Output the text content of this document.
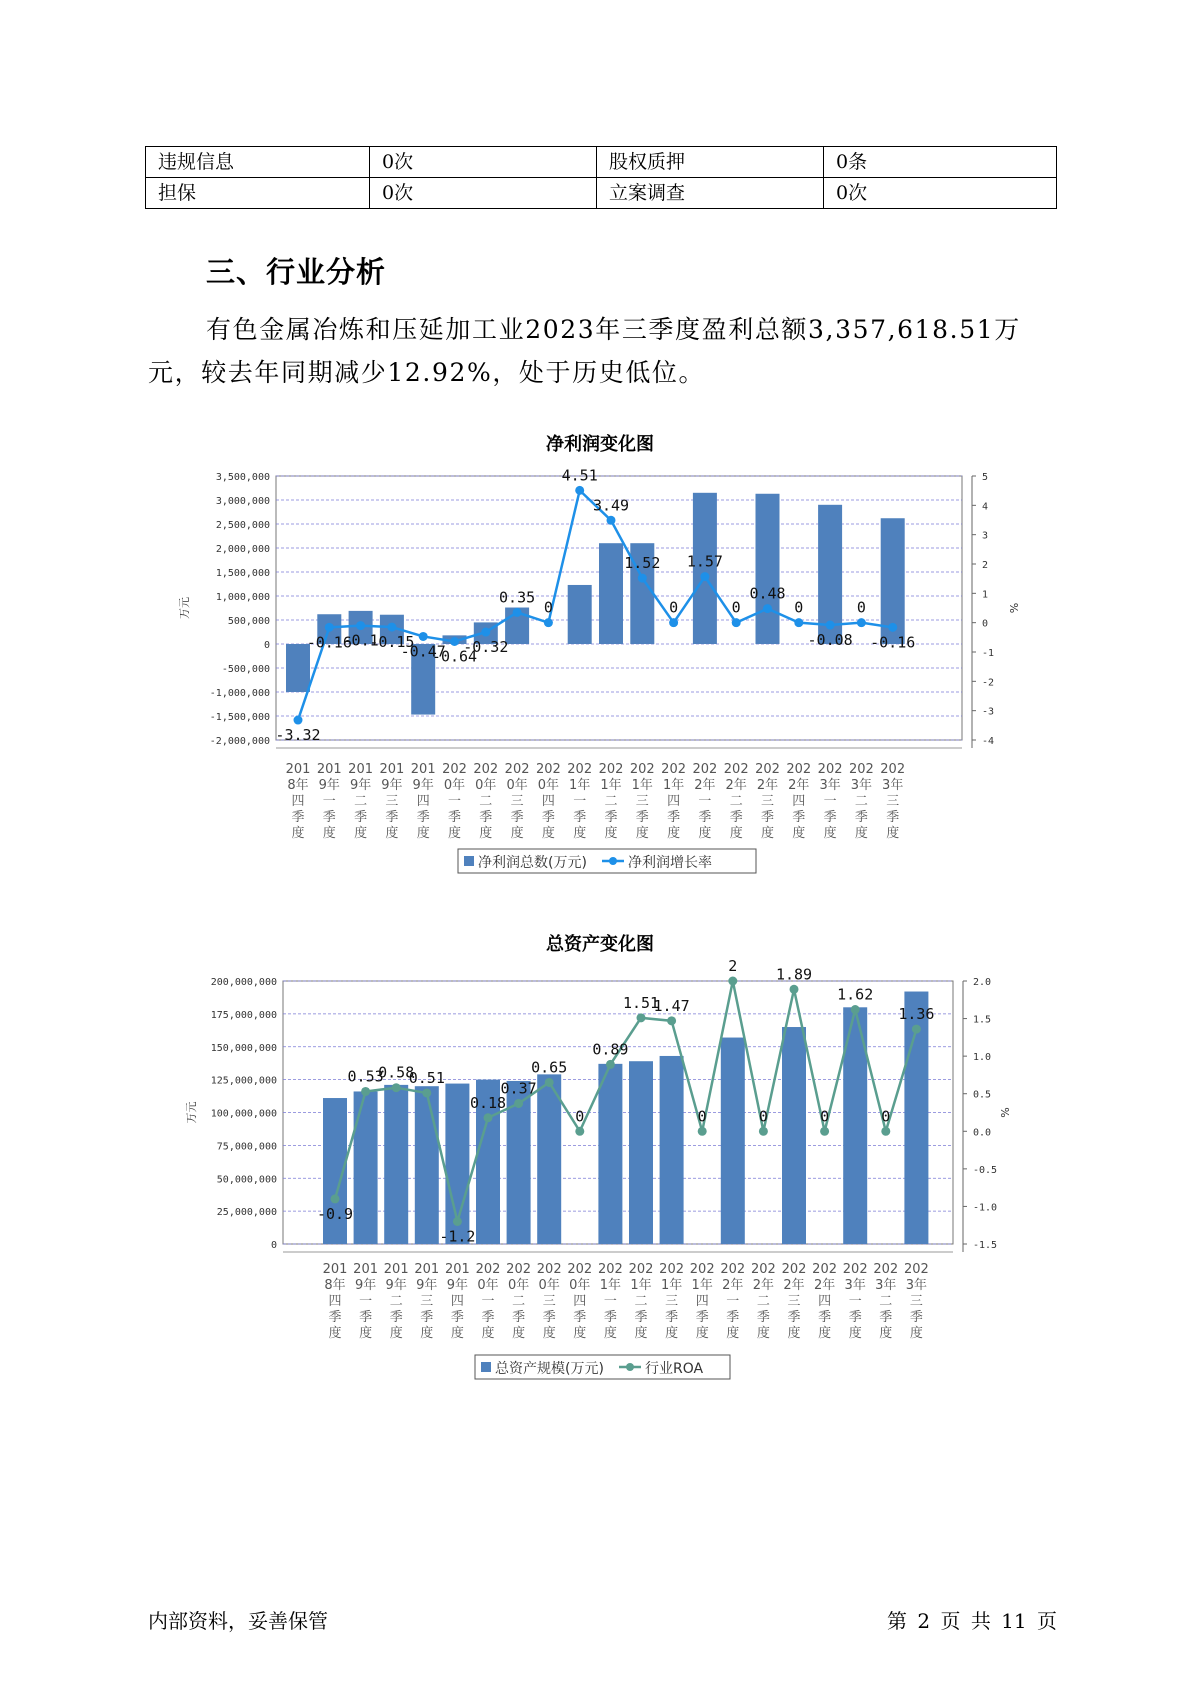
违规信息	0次	股权质押	0条
担保	0次	立案调查	0次
三、行业分析

有色金属冶炼和压延加工业2023年三季度盈利总额3,357,618.51万元，较去年同期减少12.92%，处于历史低位。

净利润变化图
3,500,000
3,000,000
2,500,000
2,000,000
1,500,000
1,000,000
500,000
0
-500,000
-1,000,000
-1,500,000
-2,000,000
5
4
3
2
1
0
-1
-2
-3
-4
万元	%
-3.32
-0.16
-0.1
-0.15
-0.47
-0.64
-0.32
0.35
0
4.51
3.49
1.52
0
1.57
0
0.48
0
-0.08
0
-0.16
201 8年四季度
201 9年一季度
201 9年二季度
201 9年三季度
201 9年四季度
202 0年一季度
202 0年二季度
202 0年三季度
202 0年四季度
202 1年一季度
202 1年二季度
202 1年三季度
202 1年四季度
202 2年一季度
202 2年二季度
202 2年三季度
202 2年四季度
202 3年一季度
202 3年二季度
202 3年三季度
净利润总数(万元)	净利润增长率
总资产变化图
200,000,000
175,000,000
150,000,000
125,000,000
100,000,000
75,000,000
50,000,000
25,000,000
0
2.0
1.5
1.0
0.5
0.0
-0.5
-1.0
-1.5
万元	%
-0.9
0.53
0.58
0.51
-1.2
0.18
0.37
0.65
0
0.89
1.51
1.47
0
2
0
1.89
0
1.62
0
1.36
201 8年四季度
201 9年一季度
201 9年二季度
201 9年三季度
201 9年四季度
202 0年一季度
202 0年二季度
202 0年三季度
202 0年四季度
202 1年一季度
202 1年二季度
202 1年三季度
202 1年四季度
202 2年一季度
202 2年二季度
202 2年三季度
202 2年四季度
202 3年一季度
202 3年二季度
202 3年三季度
总资产规模(万元)	行业ROA
内部资料，妥善保管	第 2 页 共 11 页
